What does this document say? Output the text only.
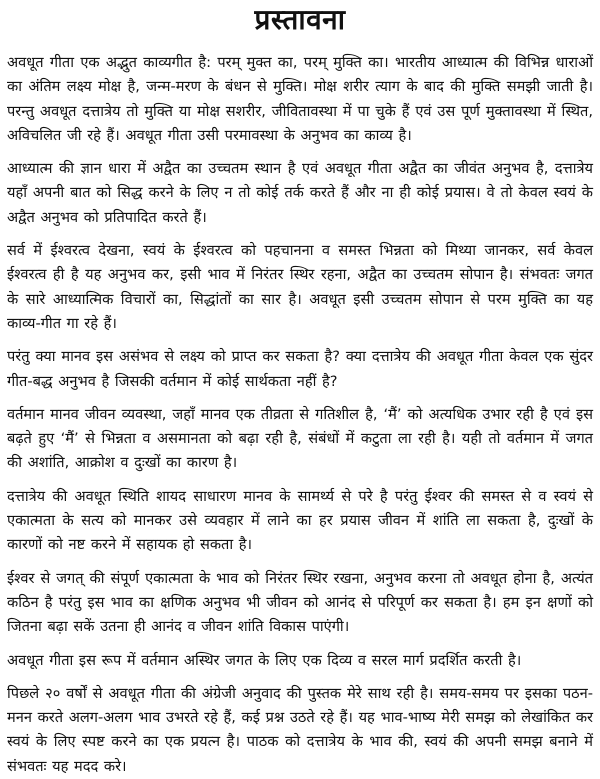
प्रस्तावना

अवधूत गीता एक अद्भुत काव्यगीत है: परम् मुक्त का, परम् मुक्ति का। भारतीय आध्यात्म की विभिन्न धाराओं का अंतिम लक्ष्य मोक्ष है, जन्म-मरण के बंधन से मुक्ति। मोक्ष शरीर त्याग के बाद की मुक्ति समझी जाती है। परन्तु अवधूत दत्तात्रेय तो मुक्ति या मोक्ष सशरीर, जीवितावस्था में पा चुके हैं एवं उस पूर्ण मुक्तावस्था में स्थित, अविचलित जी रहे हैं। अवधूत गीता उसी परमावस्था के अनुभव का काव्य है।

आध्यात्म की ज्ञान धारा में अद्वैत का उच्चतम स्थान है एवं अवधूत गीता अद्वैत का जीवंत अनुभव है, दत्तात्रेय यहाँ अपनी बात को सिद्ध करने के लिए न तो कोई तर्क करते हैं और ना ही कोई प्रयास। वे तो केवल स्वयं के अद्वैत अनुभव को प्रतिपादित करते हैं।

सर्व में ईश्वरत्व देखना, स्वयं के ईश्वरत्व को पहचानना व समस्त भिन्नता को मिथ्या जानकर, सर्व केवल ईश्वरत्व ही है यह अनुभव कर, इसी भाव में निरंतर स्थिर रहना, अद्वैत का उच्चतम सोपान है। संभवतः जगत के सारे आध्यात्मिक विचारों का, सिद्धांतों का सार है। अवधूत इसी उच्चतम सोपान से परम मुक्ति का यह काव्य-गीत गा रहे हैं।

परंतु क्या मानव इस असंभव से लक्ष्य को प्राप्त कर सकता है? क्या दत्तात्रेय की अवधूत गीता केवल एक सुंदर गीत-बद्ध अनुभव है जिसकी वर्तमान में कोई सार्थकता नहीं है?

वर्तमान मानव जीवन व्यवस्था, जहाँ मानव एक तीव्रता से गतिशील है, ‘मैं’ को अत्यधिक उभार रही है एवं इस बढ़ते हुए ‘मैं’ से भिन्नता व असमानता को बढ़ा रही है, संबंधों में कटुता ला रही है। यही तो वर्तमान में जगत की अशांति, आक्रोश व दुःखों का कारण है।

दत्तात्रेय की अवधूत स्थिति शायद साधारण मानव के सामर्थ्य से परे है परंतु ईश्वर की समस्त से व स्वयं से एकात्मता के सत्य को मानकर उसे व्यवहार में लाने का हर प्रयास जीवन में शांति ला सकता है, दुःखों के कारणों को नष्ट करने में सहायक हो सकता है।

ईश्वर से जगत् की संपूर्ण एकात्मता के भाव को निरंतर स्थिर रखना, अनुभव करना तो अवधूत होना है, अत्यंत कठिन है परंतु इस भाव का क्षणिक अनुभव भी जीवन को आनंद से परिपूर्ण कर सकता है। हम इन क्षणों को जितना बढ़ा सकें उतना ही आनंद व जीवन शांति विकास पाएंगी।

अवधूत गीता इस रूप में वर्तमान अस्थिर जगत के लिए एक दिव्य व सरल मार्ग प्रदर्शित करती है।

पिछले २० वर्षों से अवधूत गीता की अंग्रेजी अनुवाद की पुस्तक मेरे साथ रही है। समय-समय पर इसका पठन-मनन करते अलग-अलग भाव उभरते रहे हैं, कई प्रश्न उठते रहे हैं। यह भाव-भाष्य मेरी समझ को लेखांकित कर स्वयं के लिए स्पष्ट करने का एक प्रयत्न है। पाठक को दत्तात्रेय के भाव की, स्वयं की अपनी समझ बनाने में संभवतः यह मदद करे।
